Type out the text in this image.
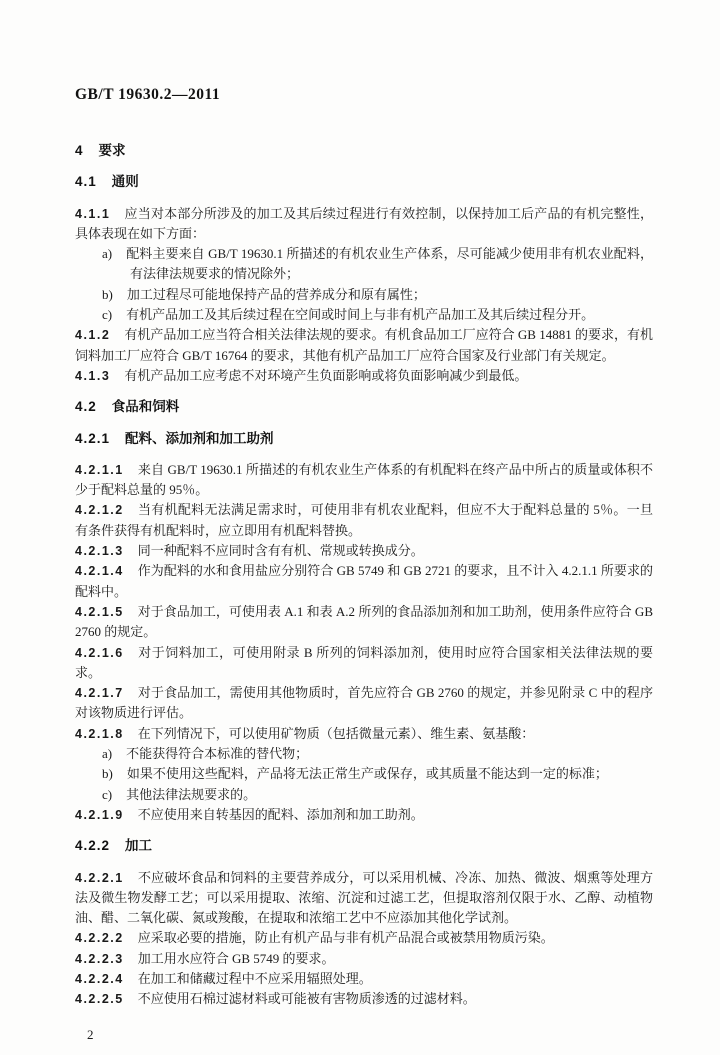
GB/T 19630.2—2011
4 要求
4.1 通则

4.1.1 应当对本部分所涉及的加工及其后续过程进行有效控制，以保持加工后产品的有机完整性，具体表现在如下方面：

a) 配料主要来自 GB/T 19630.1 所描述的有机农业生产体系，尽可能减少使用非有机农业配料，有法律法规要求的情况除外；

b) 加工过程尽可能地保持产品的营养成分和原有属性；

c) 有机产品加工及其后续过程在空间或时间上与非有机产品加工及其后续过程分开。

4.1.2 有机产品加工应当符合相关法律法规的要求。有机食品加工厂应符合 GB 14881 的要求，有机饲料加工厂应符合 GB/T 16764 的要求，其他有机产品加工厂应符合国家及行业部门有关规定。

4.1.3 有机产品加工应考虑不对环境产生负面影响或将负面影响减少到最低。

4.2 食品和饲料
4.2.1 配料、添加剂和加工助剂

4.2.1.1 来自 GB/T 19630.1 所描述的有机农业生产体系的有机配料在终产品中所占的质量或体积不少于配料总量的 95％。

4.2.1.2 当有机配料无法满足需求时，可使用非有机农业配料，但应不大于配料总量的 5％。一旦有条件获得有机配料时，应立即用有机配料替换。

4.2.1.3 同一种配料不应同时含有有机、常规或转换成分。

4.2.1.4 作为配料的水和食用盐应分别符合 GB 5749 和 GB 2721 的要求，且不计入 4.2.1.1 所要求的配料中。

4.2.1.5 对于食品加工，可使用表 A.1 和表 A.2 所列的食品添加剂和加工助剂，使用条件应符合 GB 2760 的规定。

4.2.1.6 对于饲料加工，可使用附录 B 所列的饲料添加剂，使用时应符合国家相关法律法规的要求。

4.2.1.7 对于食品加工，需使用其他物质时，首先应符合 GB 2760 的规定，并参见附录 C 中的程序对该物质进行评估。

4.2.1.8 在下列情况下，可以使用矿物质（包括微量元素）、维生素、氨基酸：

a) 不能获得符合本标准的替代物；

b) 如果不使用这些配料，产品将无法正常生产或保存，或其质量不能达到一定的标准；

c) 其他法律法规要求的。

4.2.1.9 不应使用来自转基因的配料、添加剂和加工助剂。

4.2.2 加工

4.2.2.1 不应破坏食品和饲料的主要营养成分，可以采用机械、冷冻、加热、微波、烟熏等处理方法及微生物发酵工艺；可以采用提取、浓缩、沉淀和过滤工艺，但提取溶剂仅限于水、乙醇、动植物油、醋、二氧化碳、氮或羧酸，在提取和浓缩工艺中不应添加其他化学试剂。

4.2.2.2 应采取必要的措施，防止有机产品与非有机产品混合或被禁用物质污染。

4.2.2.3 加工用水应符合 GB 5749 的要求。

4.2.2.4 在加工和储藏过程中不应采用辐照处理。

4.2.2.5 不应使用石棉过滤材料或可能被有害物质渗透的过滤材料。

2
